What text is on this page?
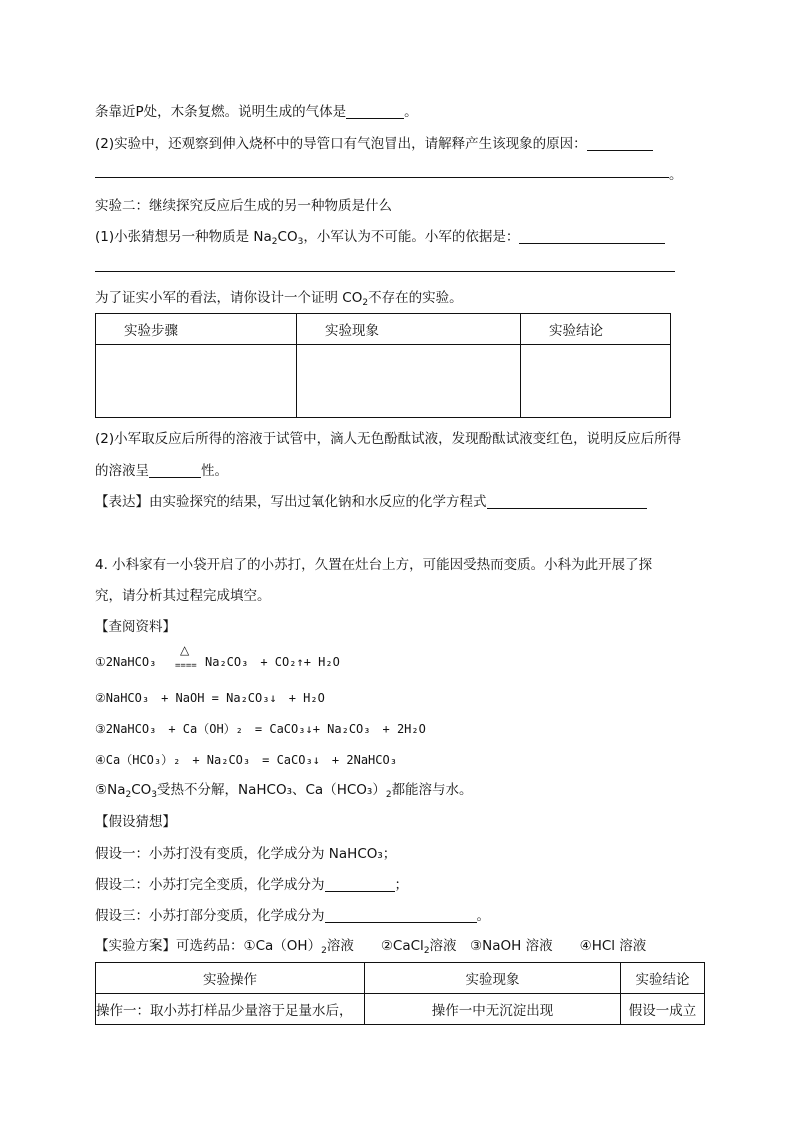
条靠近P处，木条复燃。说明生成的气体是	。
(2)实验中，还观察到伸入烧杯中的导管口有气泡冒出，请解释产生该现象的原因：
。
实验二：继续探究反应后生成的另一种物质是什么
(1)小张猜想另一种物质是 $Na_2CO_3$，小军认为不可能。小军的依据是：
为了证实小军的看法，请你设计一个证明 $CO_2$不存在的实验。
实验步骤	实验现象	实验结论

(2)小军取反应后所得的溶液于试管中，滴人无色酚酞试液，发现酚酞试液变红色，说明反应后所得
的溶液呈	性。
【表达】由实验探究的结果，写出过氧化钠和水反应的化学方程式
4. 小科家有一小袋开启了的小苏打，久置在灶台上方，可能因受热而变质。小科为此开展了探
究，请分析其过程完成填空。
【查阅资料】
①2NaHCO₃
△
==== Na₂CO₃　+ CO₂↑+ H₂O
②NaHCO₃　+ NaOH = Na₂CO₃↓　+ H₂O
③2NaHCO₃　+ Ca（OH）₂　= CaCO₃↓+ Na₂CO₃　+ 2H₂O
④Ca（HCO₃）₂　+ Na₂CO₃　= CaCO₃↓　+ 2NaHCO₃
$⑤Na_2CO_3$受热不分解，NaHCO₃、$Ca(HCO_3)_2$都能溶与水。
【假设猜想】
假设一：小苏打没有变质，化学成分为 NaHCO₃；
假设二：小苏打完全变质，化学成分为	；
假设三：小苏打部分变质，化学成分为	。
【实验方案】可选药品：$①Ca(OH)_2$溶液　　②CaCl$_2$溶液　③NaOH 溶液　　④HCl 溶液
实验操作	实验现象	实验结论
操作一：取小苏打样品少量溶于足量水后，	操作一中无沉淀出现	假设一成立
